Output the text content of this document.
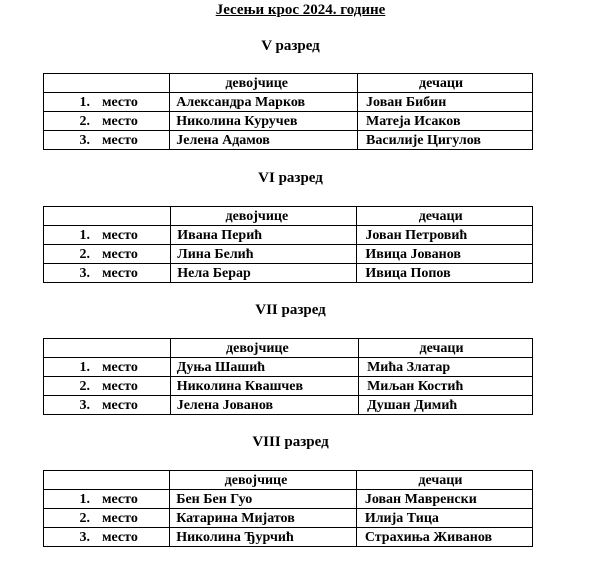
Јесењи крос 2024. године
V разред
	девојчице	дечаци
1. место	Александра Марков	Јован Бибин
2. место	Николина Куручев	Матеја Исаков
3. место	Јелена Адамов	Василије Цигулов
VI разред
	девојчице	дечаци
1. место	Ивана Перић	Јован Петровић
2. место	Лина Белић	Ивица Јованов
3. место	Нела Берар	Ивица Попов
VII разред
	девојчице	дечаци
1. место	Дуња Шашић	Мића Златар
2. место	Николина Квашчев	Миљан Костић
3. место	Јелена Јованов	Душан Димић
VIII разред
	девојчице	дечаци
1. место	Бен Бен Гуо	Јован Мавренски
2. место	Катарина Мијатов	Илија Тица
3. место	Николина Ђурчић	Страхиња Живанов
